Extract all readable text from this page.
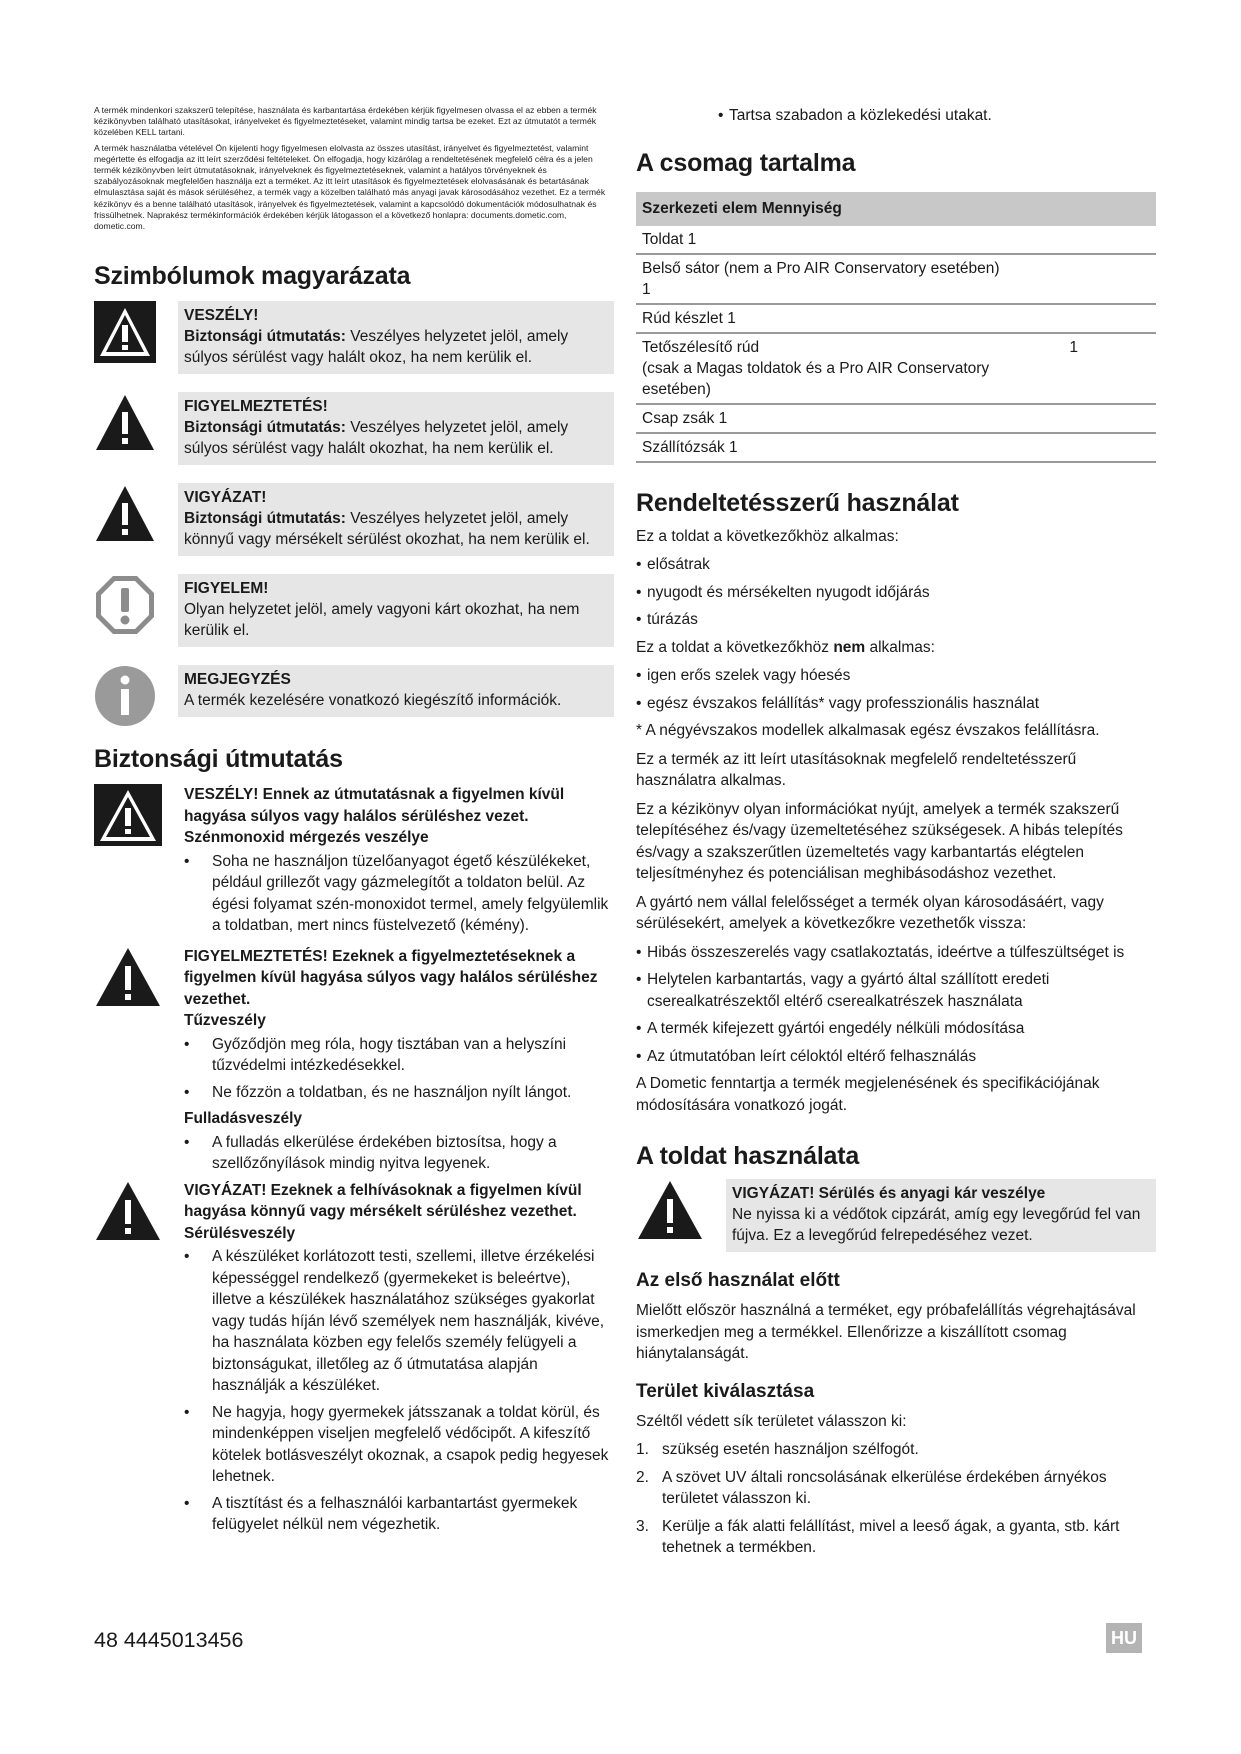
A termék mindenkori szakszerű telepítése, használata és karbantartása érdekében kérjük figyelmesen olvassa el az ebben a termék kézikönyvben található utasításokat, irányelveket és figyelmeztetéseket, valamint mindig tartsa be ezeket. Ezt az útmutatót a termék közelében KELL tartani.

A termék használatba vételével Ön kijelenti hogy figyelmesen elolvasta az összes utasítást, irányelvet és figyelmeztetést, valamint megértette és elfogadja az itt leírt szerződési feltételeket. Ön elfogadja, hogy kizárólag a rendeltetésének megfelelő célra és a jelen termék kézikönyvben leírt útmutatásoknak, irányelveknek és figyelmeztetéseknek, valamint a hatályos törvényeknek és szabályozásoknak megfelelően használja ezt a terméket. Az itt leírt utasítások és figyelmeztetések elolvasásának és betartásának elmulasztása saját és mások sérüléséhez, a termék vagy a közelben található más anyagi javak károsodásához vezethet. Ez a termék kézikönyv és a benne található utasítások, irányelvek és figyelmeztetések, valamint a kapcsolódó dokumentációk módosulhatnak és frissülhetnek. Naprakész termékinformációk érdekében kérjük látogasson el a következő honlapra: documents.dometic.com, dometic.com.

Szimbólumok magyarázata
VESZÉLY!
Biztonsági útmutatás: Veszélyes helyzetet jelöl, amely súlyos sérülést vagy halált okoz, ha nem kerülik el.
FIGYELMEZTETÉS!
Biztonsági útmutatás: Veszélyes helyzetet jelöl, amely súlyos sérülést vagy halált okozhat, ha nem kerülik el.
VIGYÁZAT!
Biztonsági útmutatás: Veszélyes helyzetet jelöl, amely könnyű vagy mérsékelt sérülést okozhat, ha nem kerülik el.
FIGYELEM!
Olyan helyzetet jelöl, amely vagyoni kárt okozhat, ha nem kerülik el.
MEGJEGYZÉS
A termék kezelésére vonatkozó kiegészítő információk.
Biztonsági útmutatás
VESZÉLY! Ennek az útmutatásnak a figyelmen kívül hagyása súlyos vagy halálos sérüléshez vezet.
Szénmonoxid mérgezés veszélye
• Soha ne használjon tüzelőanyagot égető készülékeket, például grillezőt vagy gázmelegítőt a toldaton belül. Az égési folyamat szén-monoxidot termel, amely felgyülemlik a toldatban, mert nincs füstelvezető (kémény).
FIGYELMEZTETÉS! Ezeknek a figyelmeztetéseknek a figyelmen kívül hagyása súlyos vagy halálos sérüléshez vezethet.
Tűzveszély
• Győződjön meg róla, hogy tisztában van a helyszíni tűzvédelmi intézkedésekkel.
• Ne főzzön a toldatban, és ne használjon nyílt lángot.
Fulladásveszély
• A fulladás elkerülése érdekében biztosítsa, hogy a szellőzőnyílások mindig nyitva legyenek.
VIGYÁZAT! Ezeknek a felhívásoknak a figyelmen kívül hagyása könnyű vagy mérsékelt sérüléshez vezethet.
Sérülésveszély
• A készüléket korlátozott testi, szellemi, illetve érzékelési képességgel rendelkező (gyermekeket is beleértve), illetve a készülékek használatához szükséges gyakorlat vagy tudás híján lévő személyek nem használják, kivéve, ha használata közben egy felelős személy felügyeli a biztonságukat, illetőleg az ő útmutatása alapján használják a készüléket.
• Ne hagyja, hogy gyermekek játsszanak a toldat körül, és mindenképpen viseljen megfelelő védőcipőt. A kifeszítő kötelek botlásveszélyt okoznak, a csapok pedig hegyesek lehetnek.
• A tisztítást és a felhasználói karbantartást gyermekek felügyelet nélkül nem végezhetik.
• Tartsa szabadon a közlekedési utakat.
A csomag tartalma
Szerkezeti elem Mennyiség	
Toldat 1	
Belső sátor (nem a Pro AIR Conservatory esetében) 1	
Rúd készlet 1	
Tetőszélesítő rúd
(csak a Magas toldatok és a Pro AIR Conservatory esetében)	1
Csap zsák 1	
Szállítózsák 1	
Rendeltetésszerű használat

Ez a toldat a következőkhöz alkalmas:

• elősátrak
• nyugodt és mérsékelten nyugodt időjárás
• túrázás

Ez a toldat a következőkhöz nem alkalmas:

• igen erős szelek vagy hóesés
• egész évszakos felállítás* vagy professzionális használat

* A négyévszakos modellek alkalmasak egész évszakos felállításra.

Ez a termék az itt leírt utasításoknak megfelelő rendeltetésszerű használatra alkalmas.

Ez a kézikönyv olyan információkat nyújt, amelyek a termék szakszerű telepítéséhez és/vagy üzemeltetéséhez szükségesek. A hibás telepítés és/vagy a szakszerűtlen üzemeltetés vagy karbantartás elégtelen teljesítményhez és potenciálisan meghibásodáshoz vezethet.

A gyártó nem vállal felelősséget a termék olyan károsodásáért, vagy sérülésekért, amelyek a következőkre vezethetők vissza:

• Hibás összeszerelés vagy csatlakoztatás, ideértve a túlfeszültséget is
• Helytelen karbantartás, vagy a gyártó által szállított eredeti cserealkatrészektől eltérő cserealkatrészek használata
• A termék kifejezett gyártói engedély nélküli módosítása
• Az útmutatóban leírt céloktól eltérő felhasználás

A Dometic fenntartja a termék megjelenésének és specifikációjának módosítására vonatkozó jogát.

A toldat használata
VIGYÁZAT! Sérülés és anyagi kár veszélye
Ne nyissa ki a védőtok cipzárát, amíg egy levegőrúd fel van fújva. Ez a levegőrúd felrepedéséhez vezet.
Az első használat előtt

Mielőtt először használná a terméket, egy próbafelállítás végrehajtásával ismerkedjen meg a termékkel. Ellenőrizze a kiszállított csomag hiánytalanságát.

Terület kiválasztása

Széltől védett sík területet válasszon ki:

1. szükség esetén használjon szélfogót.
2. A szövet UV általi roncsolásának elkerülése érdekében árnyékos területet válasszon ki.
3. Kerülje a fák alatti felállítást, mivel a leeső ágak, a gyanta, stb. kárt tehetnek a termékben.
48 4445013456	HU
